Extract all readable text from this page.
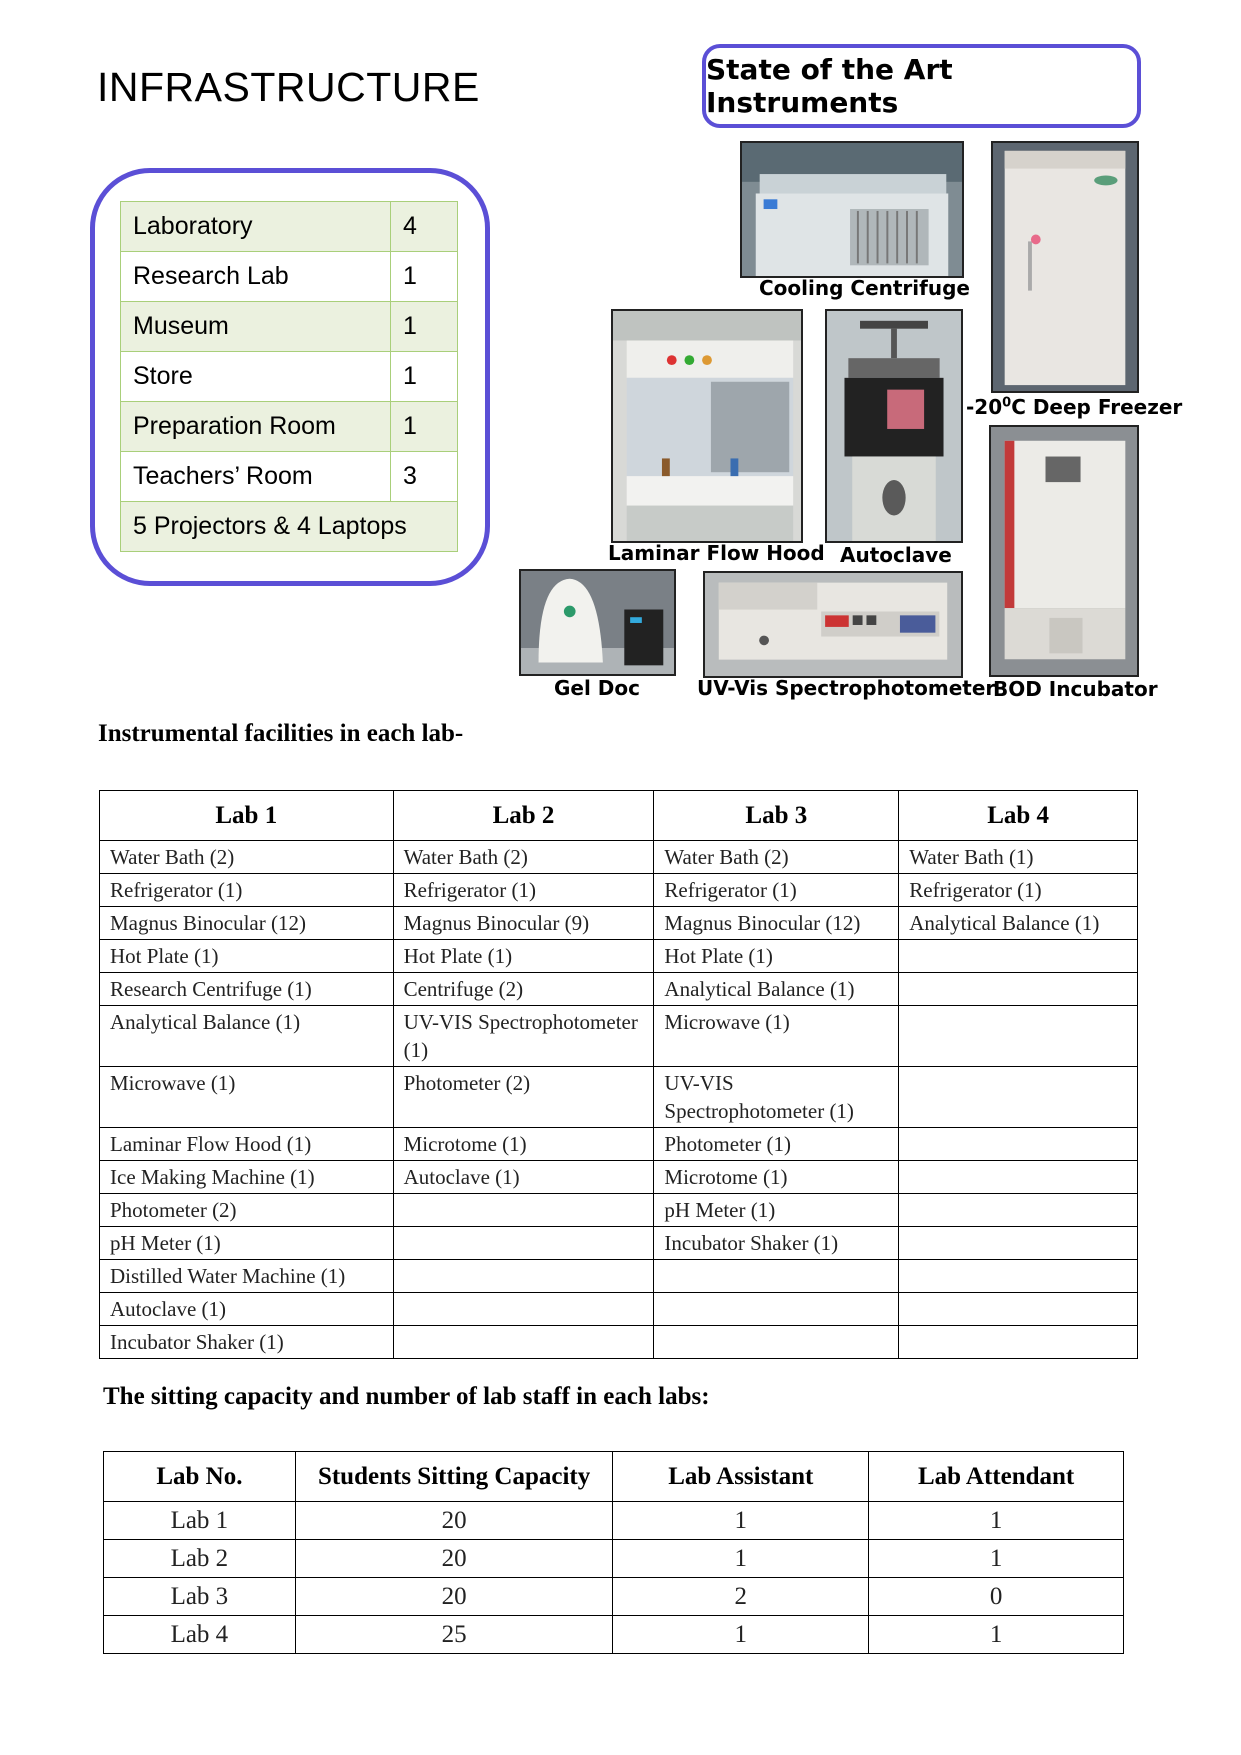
INFRASTRUCTURE	State of the Art Instruments
Laboratory	4
Research Lab	1
Museum	1
Store	1
Preparation Room	1
Teachers’ Room	3
5 Projectors & 4 Laptops	
Cooling Centrifuge
$-20^0C$ Deep Freezer
Laminar Flow Hood Autoclave
BOD Incubator
Gel Doc	UV-Vis Spectrophotometer
Instrumental facilities in each lab-
Lab 1	Lab 2	Lab 3	Lab 4
Water Bath (2)	Water Bath (2)	Water Bath (2)	Water Bath (1)
Refrigerator (1)	Refrigerator (1)	Refrigerator (1)	Refrigerator (1)
Magnus Binocular (12)	Magnus Binocular (9)	Magnus Binocular (12)	Analytical Balance (1)
Hot Plate (1)	Hot Plate (1)	Hot Plate (1)	
Research Centrifuge (1)	Centrifuge (2)	Analytical Balance (1)	
Analytical Balance (1)	UV-VIS Spectrophotometer (1)	Microwave (1)	
Microwave (1)	Photometer (2)	UV-VIS Spectrophotometer (1)	
Laminar Flow Hood (1)	Microtome (1)	Photometer (1)	
Ice Making Machine (1)	Autoclave (1)	Microtome (1)	
Photometer (2)		pH Meter (1)	
pH Meter (1)		Incubator Shaker (1)	
Distilled Water Machine (1)			
Autoclave (1)			
Incubator Shaker (1)			
The sitting capacity and number of lab staff in each labs:
Lab No.	Students Sitting Capacity	Lab Assistant	Lab Attendant
Lab 1	20	1	1
Lab 2	20	1	1
Lab 3	20	2	0
Lab 4	25	1	1
